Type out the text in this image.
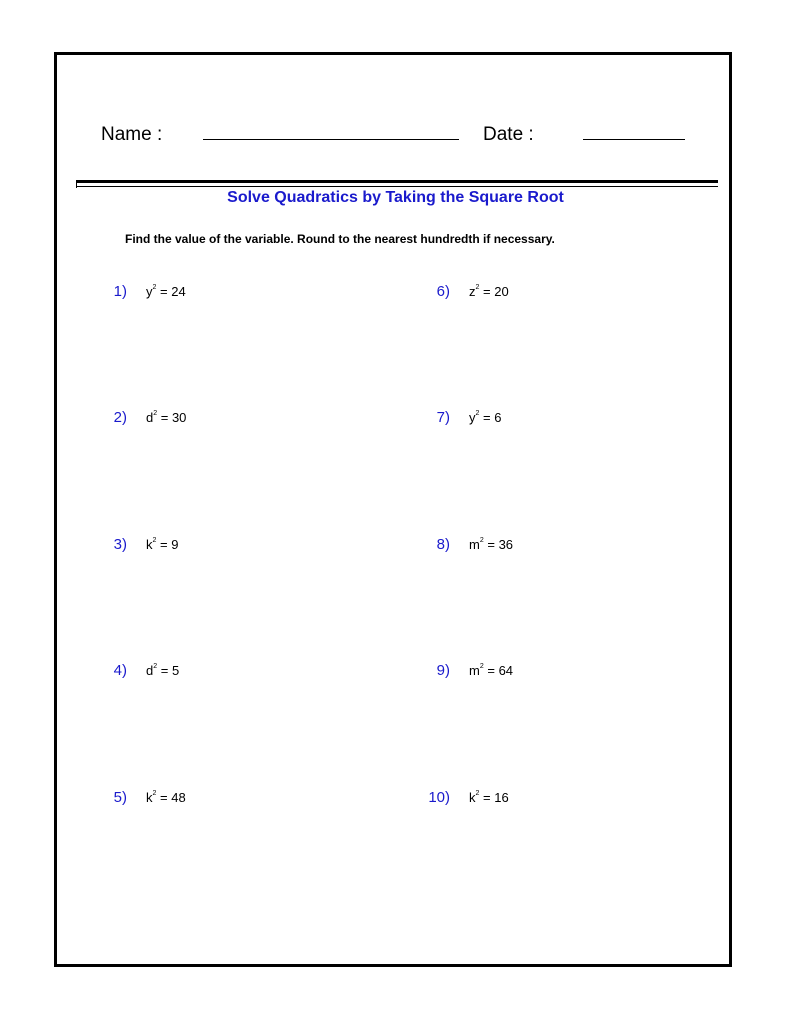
Name :	Date :
Solve Quadratics by Taking the Square Root
Find the value of the variable. Round to the nearest hundredth if necessary.
1) $y^2 = 24$
2) $d^2 = 30$
3) $k^2 = 9$
4) $d^2 = 5$
5) $k^2 = 48$
6) $z^2 = 20$
7) $y^2 = 6$
8) $m^2 = 36$
9) $m^2 = 64$
10) $k^2 = 16$
